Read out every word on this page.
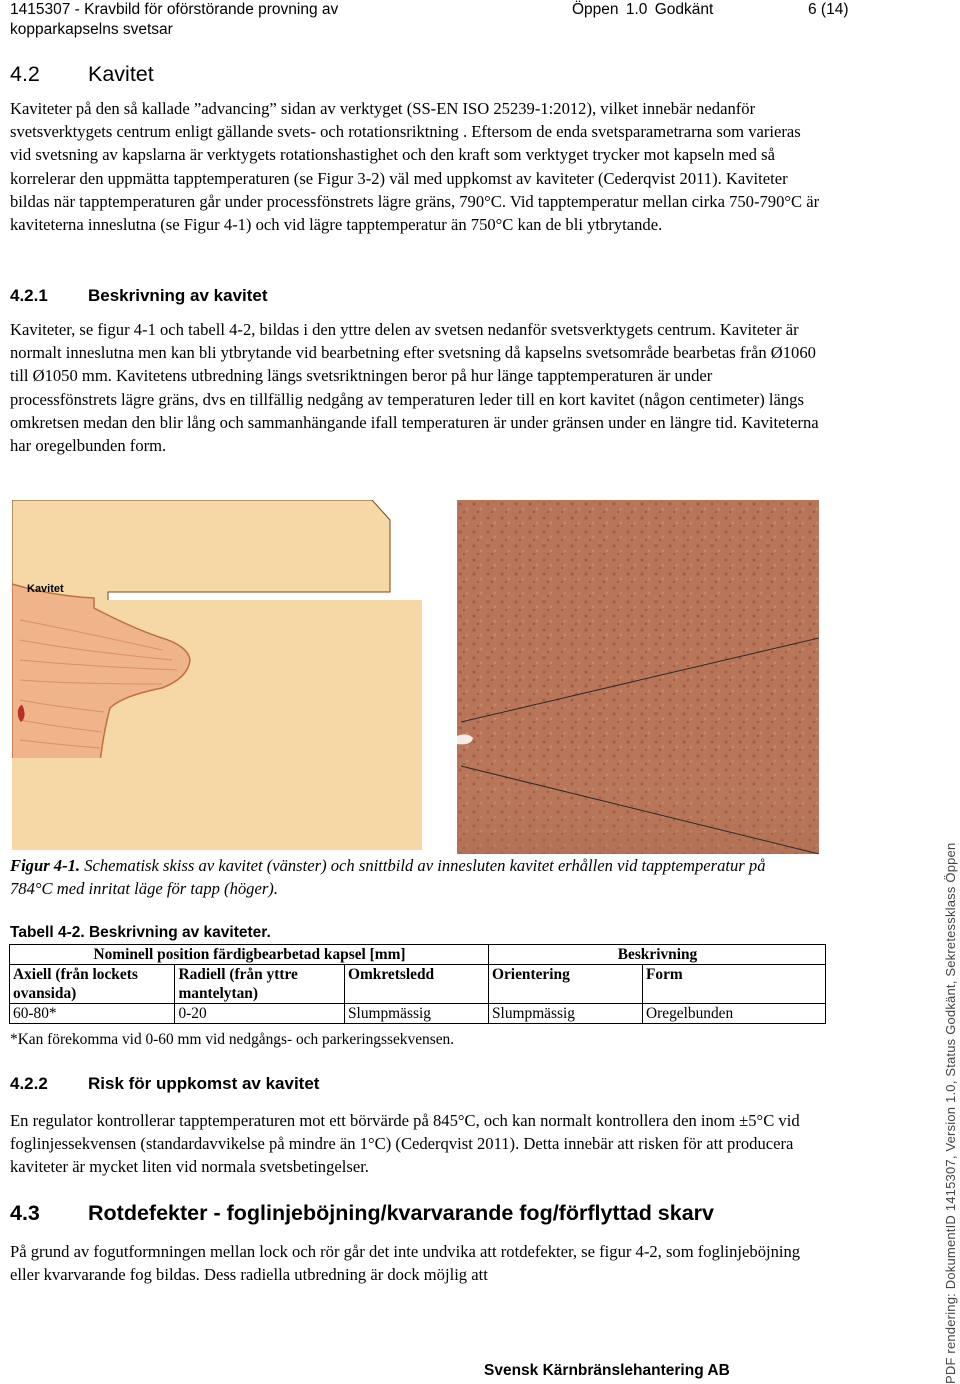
1415307 - Kravbild för oförstörande provning av kopparkapselns svetsar
Öppen 1.0 Godkänt	6 (14)
4.2 Kavitet

Kaviteter på den så kallade ”advancing” sidan av verktyget (SS-EN ISO 25239-1:2012), vilket innebär nedanför svetsverktygets centrum enligt gällande svets- och rotationsriktning . Eftersom de enda svetsparametrarna som varieras vid svetsning av kapslarna är verktygets rotationshastighet och den kraft som verktyget trycker mot kapseln med så korrelerar den uppmätta tapptemperaturen (se Figur 3-2) väl med uppkomst av kaviteter (Cederqvist 2011). Kaviteter bildas när tapptemperaturen går under processfönstrets lägre gräns, 790°C. Vid tapptemperatur mellan cirka 750-790°C är kaviteterna inneslutna (se Figur 4-1) och vid lägre tapptemperatur än 750°C kan de bli ytbrytande.

4.2.1 Beskrivning av kavitet

Kaviteter, se figur 4-1 och tabell 4-2, bildas i den yttre delen av svetsen nedanför svetsverktygets centrum. Kaviteter är normalt inneslutna men kan bli ytbrytande vid bearbetning efter svetsning då kapselns svetsområde bearbetas från Ø1060 till Ø1050 mm. Kavitetens utbredning längs svetsriktningen beror på hur länge tapptemperaturen är under processfönstrets lägre gräns, dvs en tillfällig nedgång av temperaturen leder till en kort kavitet (någon centimeter) längs omkretsen medan den blir lång och sammanhängande ifall temperaturen är under gränsen under en längre tid. Kaviteterna har oregelbunden form.

Kavitet
Figur 4-1. Schematisk skiss av kavitet (vänster) och snittbild av innesluten kavitet erhållen vid tapptemperatur på 784°C med inritat läge för tapp (höger).
Tabell 4-2. Beskrivning av kaviteter.
Nominell position färdigbearbetad kapsel [mm]			Beskrivning	
Axiell (från lockets ovansida)	Radiell (från yttre mantelytan)	Omkretsledd	Orientering	Form
60-80*	0-20	Slumpmässig	Slumpmässig	Oregelbunden
*Kan förekomma vid 0-60 mm vid nedgångs- och parkeringssekvensen.
4.2.2 Risk för uppkomst av kavitet

En regulator kontrollerar tapptemperaturen mot ett börvärde på 845°C, och kan normalt kontrollera den inom ±5°C vid foglinjessekvensen (standardavvikelse på mindre än 1°C) (Cederqvist 2011). Detta innebär att risken för att producera kaviteter är mycket liten vid normala svetsbetingelser.

4.3 Rotdefekter - foglinjeböjning/kvarvarande fog/förflyttad skarv

På grund av fogutformningen mellan lock och rör går det inte undvika att rotdefekter, se figur 4-2, som foglinjeböjning eller kvarvarande fog bildas. Dess radiella utbredning är dock möjlig att

Svensk Kärnbränslehantering AB	PDF rendering: DokumentID 1415307, Version 1.0, Status Godkänt, Sekretessklass Öppen
